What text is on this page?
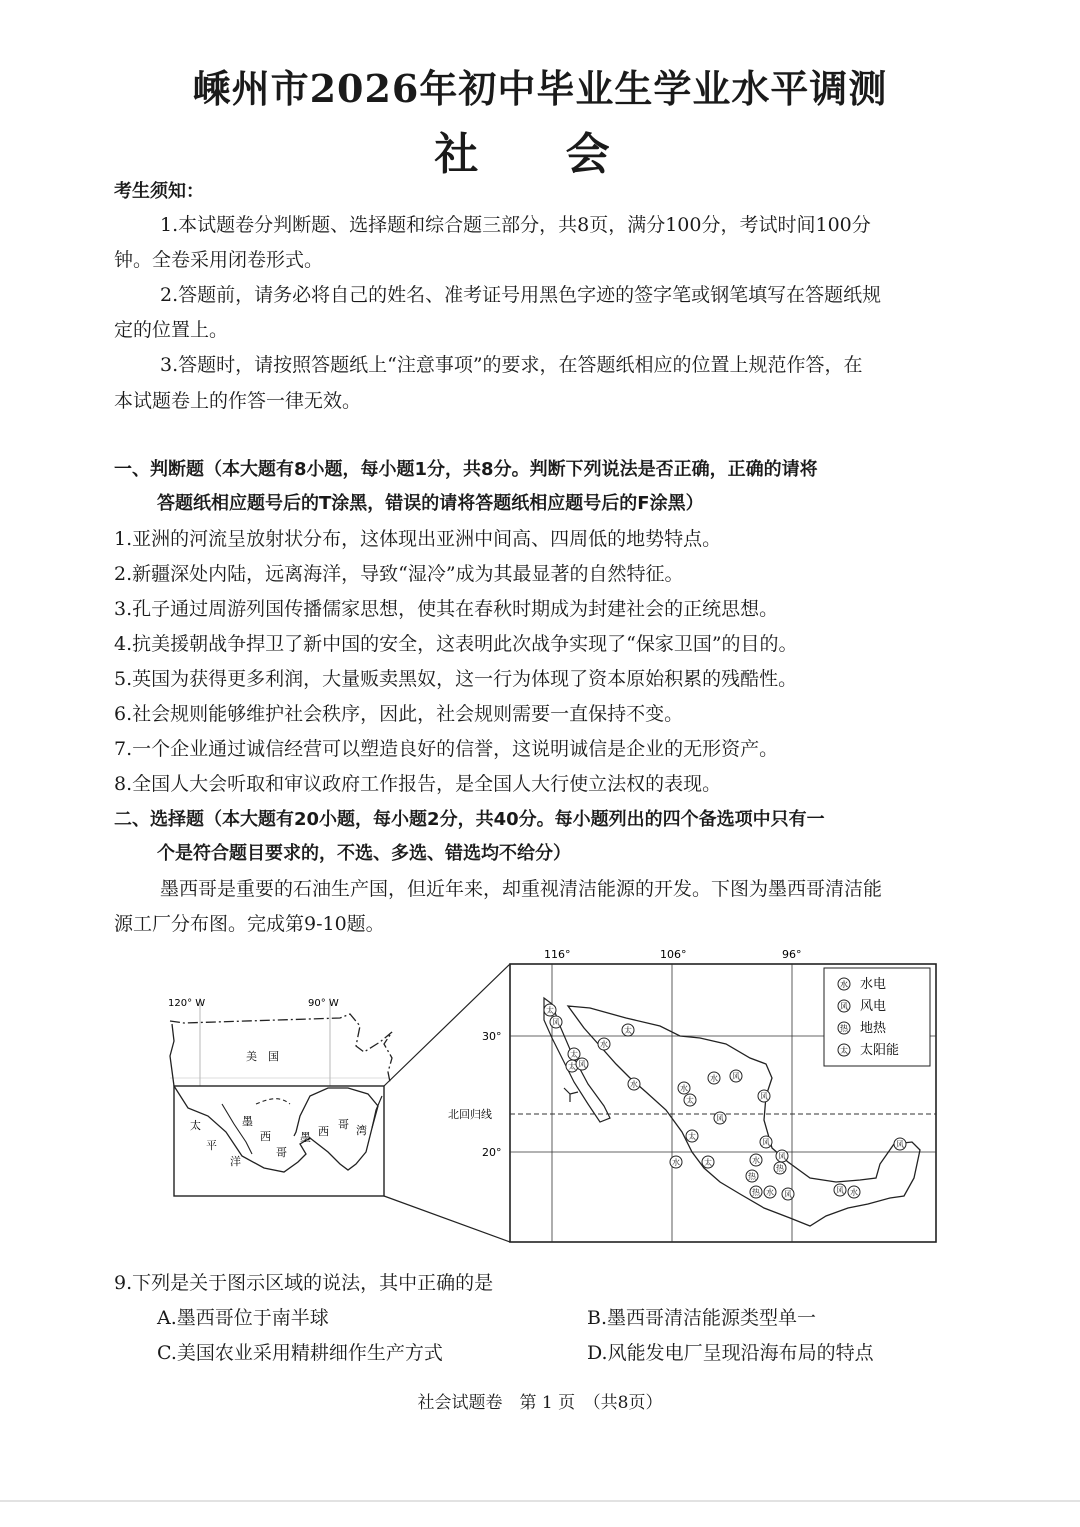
嵊州市2026年初中毕业生学业水平调测
社 会
考生须知：
1.本试题卷分判断题、选择题和综合题三部分，共8页，满分100分，考试时间100分
钟。全卷采用闭卷形式。
2.答题前，请务必将自己的姓名、准考证号用黑色字迹的签字笔或钢笔填写在答题纸规
定的位置上。
3.答题时，请按照答题纸上“注意事项”的要求，在答题纸相应的位置上规范作答，在
本试题卷上的作答一律无效。
一、判断题（本大题有8小题，每小题1分，共8分。判断下列说法是否正确，正确的请将
答题纸相应题号后的T涂黑，错误的请将答题纸相应题号后的F涂黑）
1.亚洲的河流呈放射状分布，这体现出亚洲中间高、四周低的地势特点。
2.新疆深处内陆，远离海洋，导致“湿冷”成为其最显著的自然特征。
3.孔子通过周游列国传播儒家思想，使其在春秋时期成为封建社会的正统思想。
4.抗美援朝战争捍卫了新中国的安全，这表明此次战争实现了“保家卫国”的目的。
5.英国为获得更多利润，大量贩卖黑奴，这一行为体现了资本原始积累的残酷性。
6.社会规则能够维护社会秩序，因此，社会规则需要一直保持不变。
7.一个企业通过诚信经营可以塑造良好的信誉，这说明诚信是企业的无形资产。
8.全国人大会听取和审议政府工作报告，是全国人大行使立法权的表现。
二、选择题（本大题有20小题，每小题2分，共40分。每小题列出的四个备选项中只有一
个是符合题目要求的，不选、多选、错选均不给分）
墨西哥是重要的石油生产国，但近年来，却重视清洁能源的开发。下图为墨西哥清洁能
源工厂分布图。完成第9-10题。
120° W	90° W
美　国
太
平
洋
墨
西
哥
墨 西
哥 湾
116°	106°	96°
30°
北回归线
20°
太
风
太
水
太
太 风
水	水
太
水 风
风
风
太
风
水	太	水
热
热
风
热 水 风	风 水
风
水 水电
风 风电
热 地热
太 太阳能
9.下列是关于图示区域的说法，其中正确的是
A.墨西哥位于南半球	B.墨西哥清洁能源类型单一
C.美国农业采用精耕细作生产方式	D.风能发电厂呈现沿海布局的特点
社会试题卷　第 1 页　（共8页）
